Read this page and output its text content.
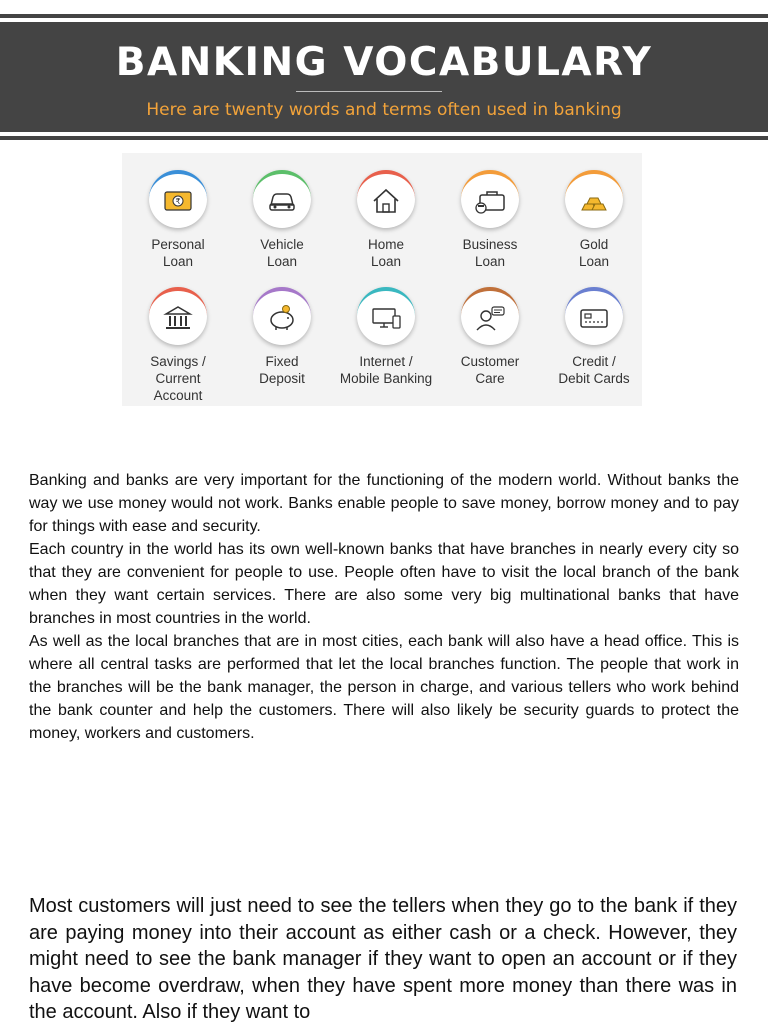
BANKING VOCABULARY
Here are twenty words and terms often used in banking
₹
Personal
Loan
Vehicle
Loan
Home
Loan
Business
Loan
Gold
Loan
Savings /
Current
Account
Fixed
Deposit
Internet /
Mobile Banking
Customer
Care
Credit /
Debit Cards

Banking and banks are very important for the functioning of the modern world. Without banks the way we use money would not work. Banks enable people to save money, borrow money and to pay for things with ease and security.

Each country in the world has its own well-known banks that have branches in nearly every city so that they are convenient for people to use. People often have to visit the local branch of the bank when they want certain services. There are also some very big multinational banks that have branches in most countries in the world.

As well as the local branches that are in most cities, each bank will also have a head office. This is where all central tasks are performed that let the local branches function. The people that work in the branches will be the bank manager, the person in charge, and various tellers who work behind the bank counter and help the customers. There will also likely be security guards to protect the money, workers and customers.

Most customers will just need to see the tellers when they go to the bank if they are paying money into their account as either cash or a check. However, they might need to see the bank manager if they want to open an account or if they have become overdraw, when they have spent more money than there was in the account. Also if they want to
